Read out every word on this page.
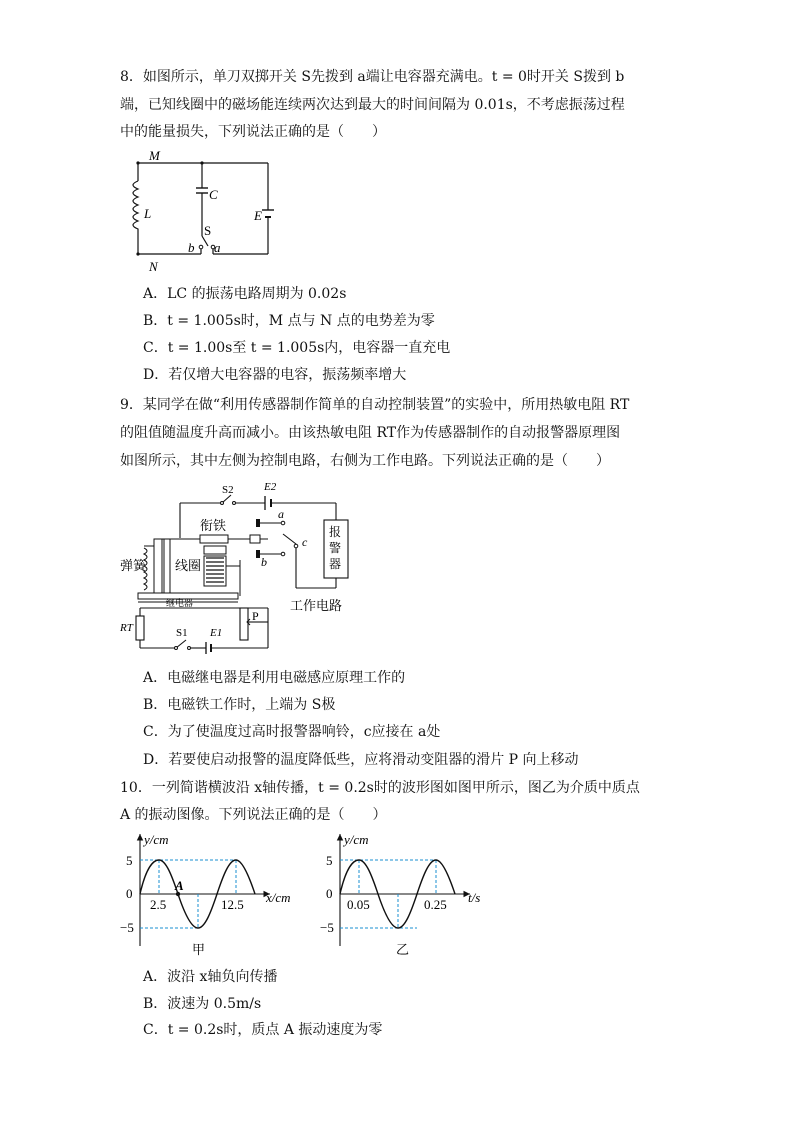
8．如图所示，单刀双掷开关 S先拨到 a端让电容器充满电。t = 0时开关 S拨到 b
端，已知线圈中的磁场能连续两次达到最大的时间间隔为 0.01s，不考虑振荡过程
中的能量损失，下列说法正确的是（　　）
M
N
L
C
E
S
b a
A．LC 的振荡电路周期为 0.02s
B．t = 1.005s时，M 点与 N 点的电势差为零
C．t = 1.00s至 t = 1.005s内，电容器一直充电
D．若仅增大电容器的电容，振荡频率增大
9．某同学在做“利用传感器制作简单的自动控制装置”的实验中，所用热敏电阻 RT
的阻值随温度升高而减小。由该热敏电阻 RT作为传感器制作的自动报警器原理图
如图所示，其中左侧为控制电路，右侧为工作电路。下列说法正确的是（　　）
报
警
器
S2	E2
衔铁
a
c
b
弹簧 线圈
继电器
P
工作电路
RT	S1 E1
A．电磁继电器是利用电磁感应原理工作的
B．电磁铁工作时，上端为 S极
C．为了使温度过高时报警器响铃，c应接在 a处
D．若要使启动报警的温度降低些，应将滑动变阻器的滑片 P 向上移动
10．一列简谐横波沿 x轴传播，t = 0.2s时的波形图如图甲所示，图乙为介质中质点
A 的振动图像。下列说法正确的是（　　）
y/cm
5
0
−5
2.5	12.5
A
x/cm
甲
y/cm
5
0
−5
0.05	0.25 t/s
乙
A．波沿 x轴负向传播
B．波速为 0.5m/s
C．t = 0.2s时，质点 A 振动速度为零
